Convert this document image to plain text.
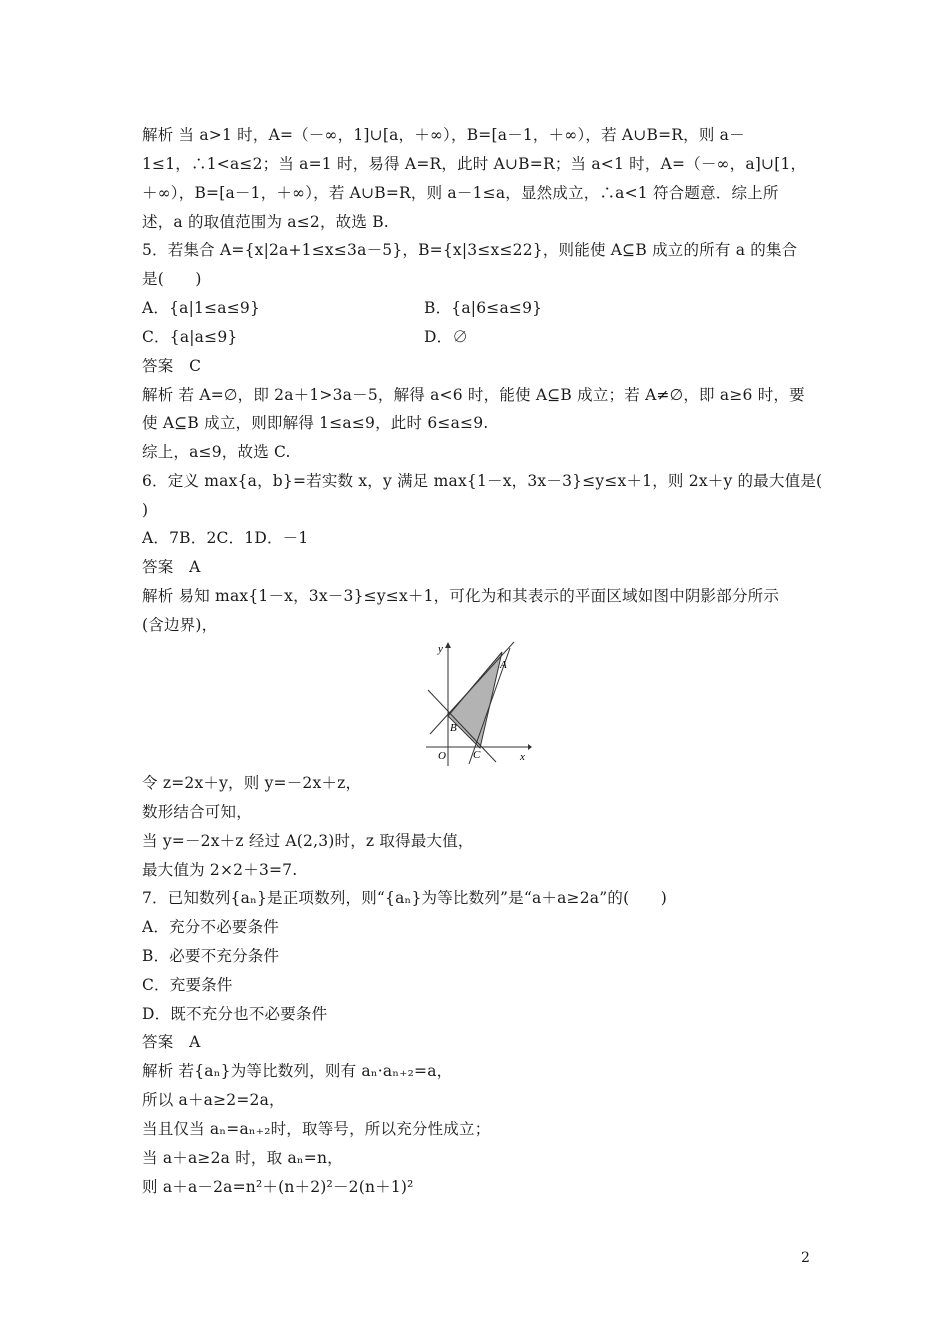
解析 当 a>1 时，A=（－∞，1]∪[a，＋∞），B=[a－1，＋∞），若 A∪B=R，则 a－
1≤1，∴1<a≤2；当 a=1 时，易得 A=R，此时 A∪B=R；当 a<1 时，A=（－∞，a]∪[1，
＋∞），B=[a－1，＋∞），若 A∪B=R，则 a－1≤a，显然成立，∴a<1 符合题意．综上所
述，a 的取值范围为 a≤2，故选 B.
5．若集合 A={x|2a+1≤x≤3a－5}，B={x|3≤x≤22}，则能使 A⊆B 成立的所有 a 的集合
是(　　)
A．{a|1≤a≤9}	B．{a|6≤a≤9}
C．{a|a≤9}	D．∅
答案　C
解析 若 A=∅，即 2a＋1>3a－5，解得 a<6 时，能使 A⊆B 成立；若 A≠∅，即 a≥6 时，要
使 A⊆B 成立，则即解得 1≤a≤9，此时 6≤a≤9.
综上，a≤9，故选 C.
6．定义 max{a，b}=若实数 x，y 满足 max{1－x，3x－3}≤y≤x＋1，则 2x＋y 的最大值是(
)
A．7B．2C．1D．－1
答案　A
解析 易知 max{1－x，3x－3}≤y≤x＋1，可化为和其表示的平面区域如图中阴影部分所示
(含边界)，
y
x
O
A
B
C
令 z=2x＋y，则 y=－2x＋z，
数形结合可知，
当 y=－2x＋z 经过 A(2,3)时，z 取得最大值，
最大值为 2×2＋3=7.
7．已知数列{aₙ}是正项数列，则“{aₙ}为等比数列”是“a＋a≥2a”的(　　)
A．充分不必要条件
B．必要不充分条件
C．充要条件
D．既不充分也不必要条件
答案　A
解析 若{aₙ}为等比数列，则有 aₙ·aₙ₊₂=a，
所以 a＋a≥2=2a，
当且仅当 aₙ=aₙ₊₂时，取等号，所以充分性成立；
当 a＋a≥2a 时，取 aₙ=n，
则 a＋a－2a=n²＋(n＋2)²－2(n＋1)²
2
